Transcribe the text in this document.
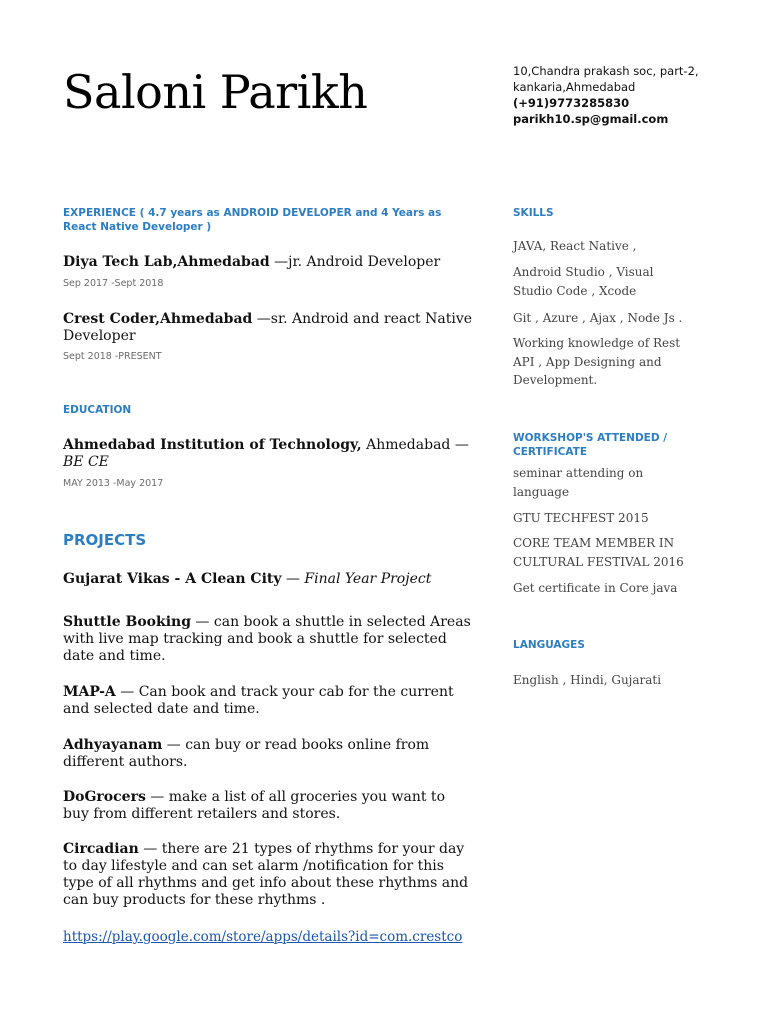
Saloni Parikh	10,Chandra prakash soc, part-2,
kankaria,Ahmedabad
(+91)9773285830
parikh10.sp@gmail.com
EXPERIENCE ( 4.7 years as ANDROID DEVELOPER and 4 Years as React Native Developer )
Diya Tech Lab,Ahmedabad —jr. Android Developer
Sep 2017 -Sept 2018
Crest Coder,Ahmedabad —sr. Android and react Native Developer
Sept 2018 -PRESENT
EDUCATION
Ahmedabad Institution of Technology, Ahmedabad — BE CE
MAY 2013 -May 2017
PROJECTS
Gujarat Vikas - A Clean City — Final Year Project
Shuttle Booking — can book a shuttle in selected Areas with live map tracking and book a shuttle for selected date and time.
MAP-A — Can book and track your cab for the current and selected date and time.
Adhyayanam — can buy or read books online from different authors.
DoGrocers — make a list of all groceries you want to buy from different retailers and stores.
Circadian — there are 21 types of rhythms for your day to day lifestyle and can set alarm /notification for this type of all rhythms and get info about these rhythms and can buy products for these rhythms .
https://play.google.com/store/apps/details?id=com.crestco
SKILLS
JAVA, React Native ,
Android Studio , Visual Studio Code , Xcode
Git , Azure , Ajax , Node Js .
Working knowledge of Rest API , App Designing and Development.
WORKSHOP'S ATTENDED / CERTIFICATE
seminar attending on language
GTU TECHFEST 2015
CORE TEAM MEMBER IN CULTURAL FESTIVAL 2016
Get certificate in Core java
LANGUAGES
English , Hindi, Gujarati
